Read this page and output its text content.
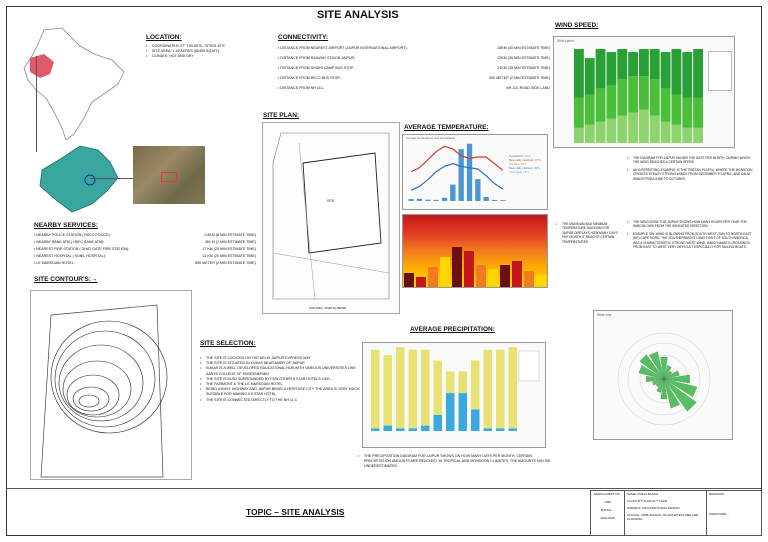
SITE ANALYSIS
LOCATION:
• COORDINATES: 27° 1'50.60"N, 75°53'9.15"E
• SITE AREA: 1.49 ACRES (60495 SQ.MT.)
• CLIMATE: HOT AND DRY
CONNECTIVITY:
• DISTANCE FROM NEAREST AIRPORT (JAIPUR INTERNATIONAL AIRPORT)-	28KM (45 MIN ESTIMATE TIME)
• DISTANCE FROM RAILWAY STAION JAIPUR-	22KM (36 MIN ESTIMATE TIME)
• DISTANCE FROM SINDHI CAMP BUS STOP-	21KM (35 MIN ESTIMATE TIME)
• DISTANCE FROM RIICO BUS STOP-	500 METER (2 MIN ESTIMATE TIME)
• DISTANCE FROM NH 11C-	NH 11C ROAD SIDE LAND
WIND SPEED:
Wind speed
• THE DIAGRAM FOR JAIPUR SHOWS THE DAYS PER MONTH, DURING WHICH THE WIND REACHES A CERTAIN SPEED.
• AN INTERESTING EXAMPLE IS THE TIBETAN PLATEU, WHERE THE MONSOON CREATES STEADY STRONG WINDS FROM DECEMBER TO APRIL, AND CALM WINDS FROM JUNE TO OCTOBER.
• THE WIND ROSE FOR JAIPUR SHOWS HOW MANY HOURS PER YEAR THE WIND BLOWS FROM THE INDICATED DIRECTION.
• EXAMPLE SW: WIND IS BLOWING FROM SOUTH-WEST (SW) TO NORTH-EAST (NE).CAPE HORN, THE SOUTHERNMOST LAND POINT OF SOUTH AMERICA, HAS A CHARACTERISTIC STRONG WEST-WIND, WHICH MAKES CROSSINGS FROM EAST TO WEST VERY DIFFICULT ESPECIALLY FOR SAILING BOATS.
Wind rose
SITE PLAN:
SITE
SITE AREA - 60495 SQ.METER
AVERAGE TEMPERATURE:
Average temperatures and precipitation
Precipitation: 7mm
Mean daily maximum: 31°C
Hot days: 38°C
Mean daily minimum: 19°C
Cold nights: 15°C
• THE MAXIMUM AND MINIMUM TEMPERATURE DIAGRAM FOR JAIPUR DISPLAYS HOW MANY DAYS PER MONTH IT REACH'S CERTAIN TEMPERATURES.
NEARBY SERVICES:
• NEARBY POLICE STATION ( RIICO POLICE):	2.6KM (8 MIN ESTIMATE TIME)
• NEARBY BANK ATM ( HDFC BANK ATM):	450 M (2 MIN ESTIMATE TIME)
• NEAREST FIRE STATION ( GHAT GATE FIRE STATION):	17 KM (25 MIN ESTIMATE TIME)
• NEAREST HOSPITAL ( SUNIL HOSPITAL):	12 KM (20 MIN ESTIMATE TIME)
• LE MAREDIAN HOTEL:	850 METER (2 MIN ESTIMATE TIME)
SITE CONTOUR'S:→
SITE SELECTION:
• THE SITE IS LOCATED ON THE DELHI JAIPUR EXPRESS WAY
• THE SITE IS SITUATED IN KUKAS NEAR AMER OF JAIPUR
• KUKAS IS A WELL DEVELOPED EDUCATIONAL HUB WITH VARIOUS UNIVERSITIES LIKE AARYA COLLEGE OF ENGEENERING
• THE SITE IS ALSO SURROUNDED BY FEW OTHER 5 STAR HOTELS LIKE:-
• THE FAIRMONT & THE LE MAREDIAN HOTEL
• BEING A BUSY HIGHWAY AND JAIPUR BEING A HERITAGE CITY THE AREA IS VERY MUCH SUITABLE FOR MAKING A 5 STAR HOTEL
• THE SITE IS CONNECTED DIRECTLY TO THE NH 11 C
AVERAGE PRECIPITATION:
• THE PRECIPITATION DIAGRAM FOR JAIPUR SHOWS ON HOW MANY DAYS PER MONTH, CERTAIN PRECIPITATION AMOUNTS ARE REACHED. IN TROPICAL AND MONSOON CLIMATES, THE AMOUNTS MAY BE UNDERESTIMATED.
TOPIC – SITE ANALYSIS
ENROLLMENT NO.
1298
BATCH –
2019-2020

NAME-YASHU BAJAUL
CLASS-B™ B.ARCH™ YEAR
SUBJECT- ARCHITECTURAL DESIGN
SCHOOL- MMB SCHOOL OF ARCHITECTURE AND PLANNING

REMARKS -
SIGNATURE –
